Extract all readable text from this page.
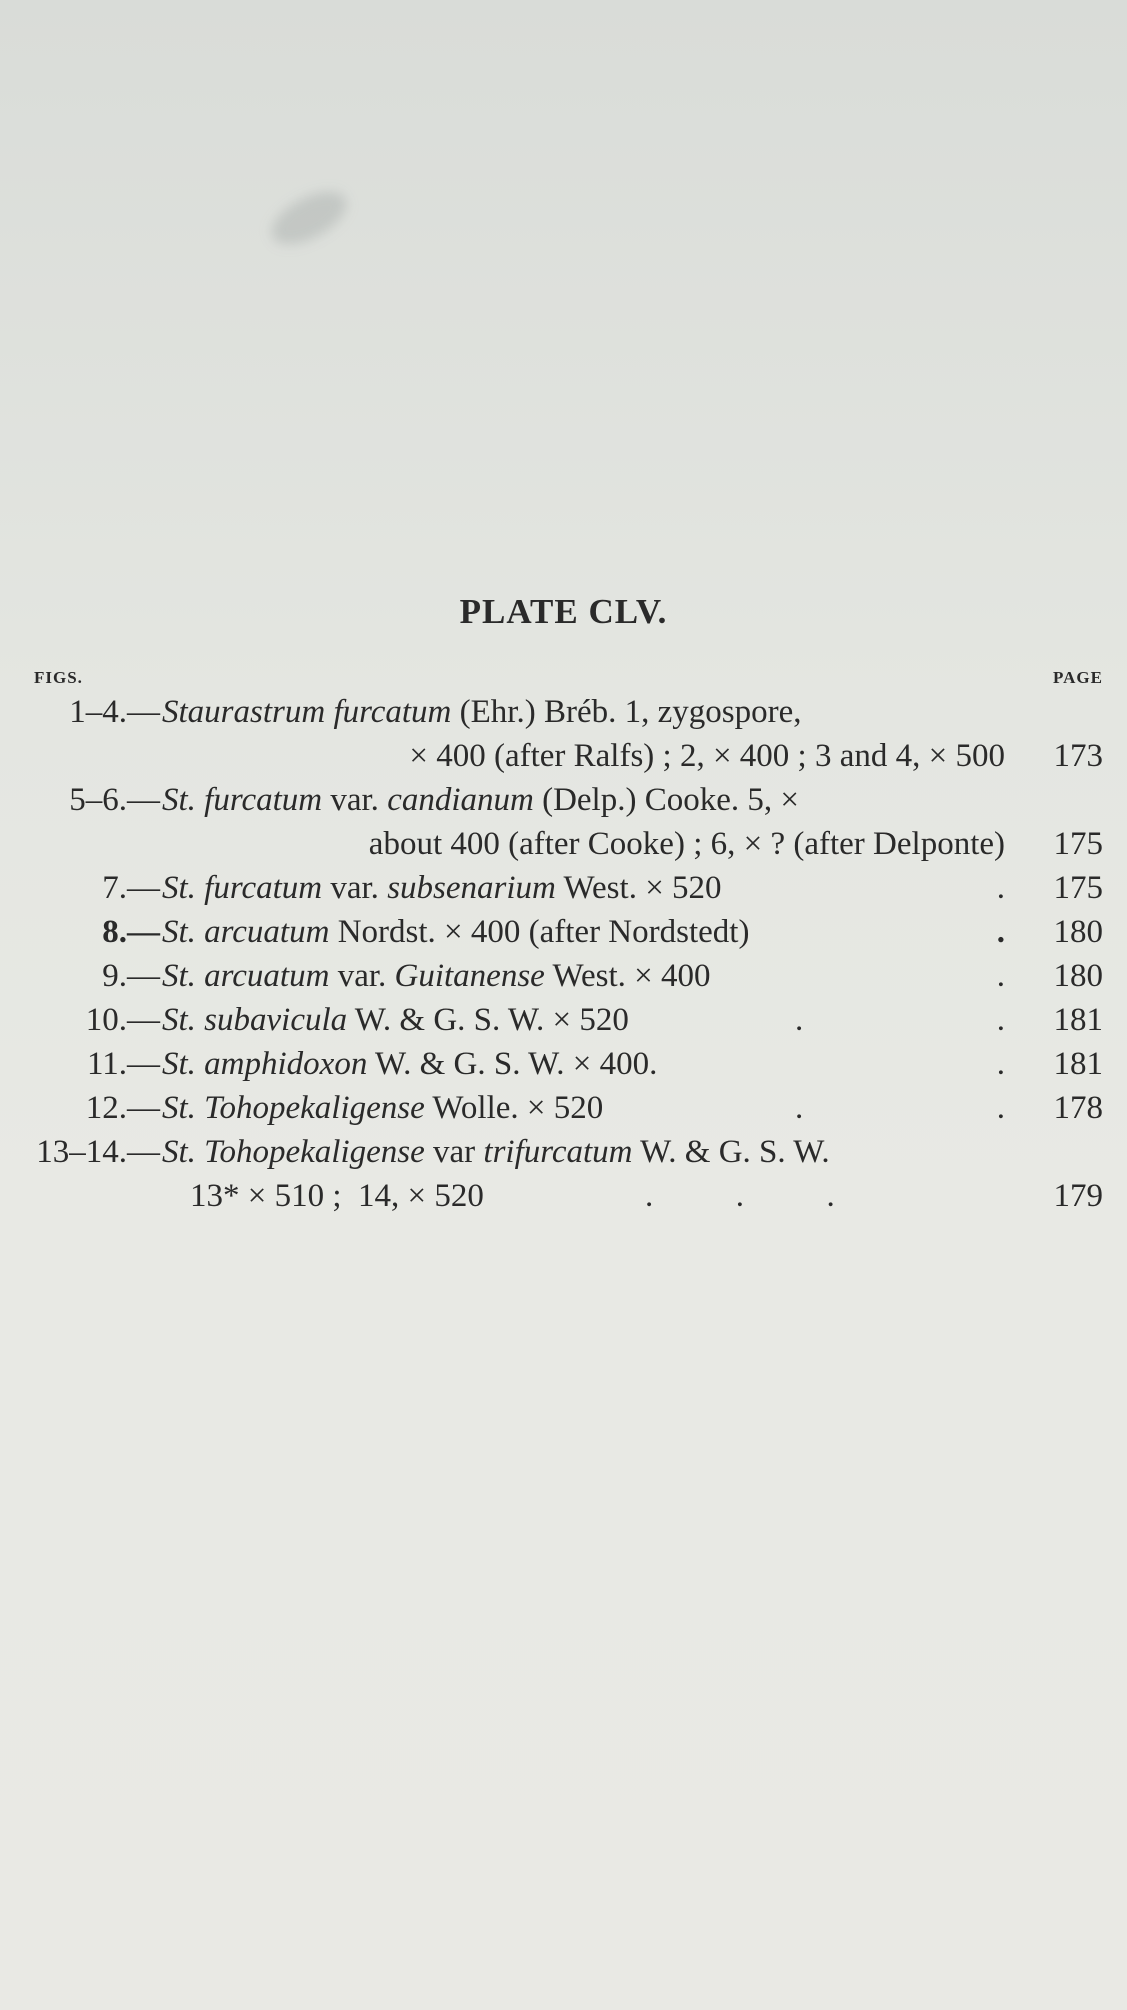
PLATE CLV.
FIGS.	PAGE
1–4.— Staurastrum furcatum (Ehr.) Bréb. 1, zygospore,
× 400 (after Ralfs) ; 2, × 400 ; 3 and 4, × 500 173
5–6.— St. furcatum var. candianum (Delp.) Cooke. 5, ×
about 400 (after Cooke) ; 6, × ? (after Delponte) 175
7.— St. furcatum var. subsenarium West. × 520	. 175
8.— St. arcuatum Nordst. × 400 (after Nordstedt)	. 180
9.— St. arcuatum var. Guitanense West. × 400	. 180
10.— St. subavicula W. & G. S. W. × 520	.	. 181
11.— St. amphidoxon W. & G. S. W. × 400.	. 181
12.— St. Tohopekaligense Wolle. × 520	.	. 178
13–14.— St. Tohopekaligense var trifurcatum W. & G. S. W.
13* × 510 ;  14, × 520	.          .          .	179
